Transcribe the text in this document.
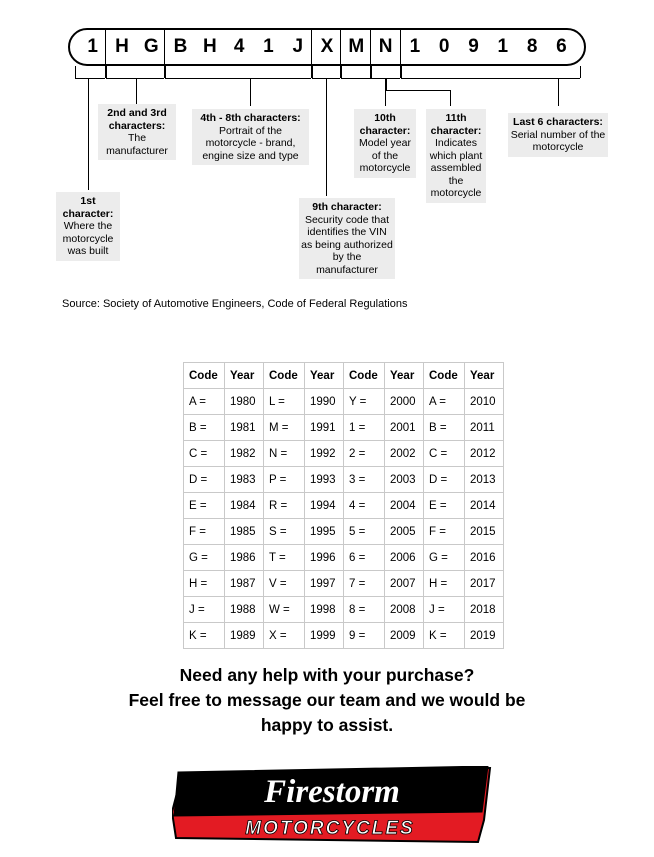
1 H G B H 4 1 J X M N 1 0 9 1 8 6
1st character: Where the motorcycle was built
2nd and 3rd characters: The manufacturer
4th - 8th characters: Portrait of the motorcycle - brand, engine size and type
9th character: Security code that identifies the VIN as being authorized by the manufacturer
10th character: Model year of the motorcycle
11th character: Indicates which plant assembled the motorcycle
Last 6 characters: Serial number of the motorcycle
Source: Society of Automotive Engineers, Code of Federal Regulations
Code	Year	Code	Year	Code	Year	Code	Year
A =	1980	L =	1990	Y =	2000	A =	2010
B =	1981	M =	1991	1 =	2001	B =	2011
C =	1982	N =	1992	2 =	2002	C =	2012
D =	1983	P =	1993	3 =	2003	D =	2013
E =	1984	R =	1994	4 =	2004	E =	2014
F =	1985	S =	1995	5 =	2005	F =	2015
G =	1986	T =	1996	6 =	2006	G =	2016
H =	1987	V =	1997	7 =	2007	H =	2017
J =	1988	W =	1998	8 =	2008	J =	2018
K =	1989	X =	1999	9 =	2009	K =	2019
Need any help with your purchase?
Feel free to message our team and we would be
happy to assist.
Firestorm
MOTORCYCLES
